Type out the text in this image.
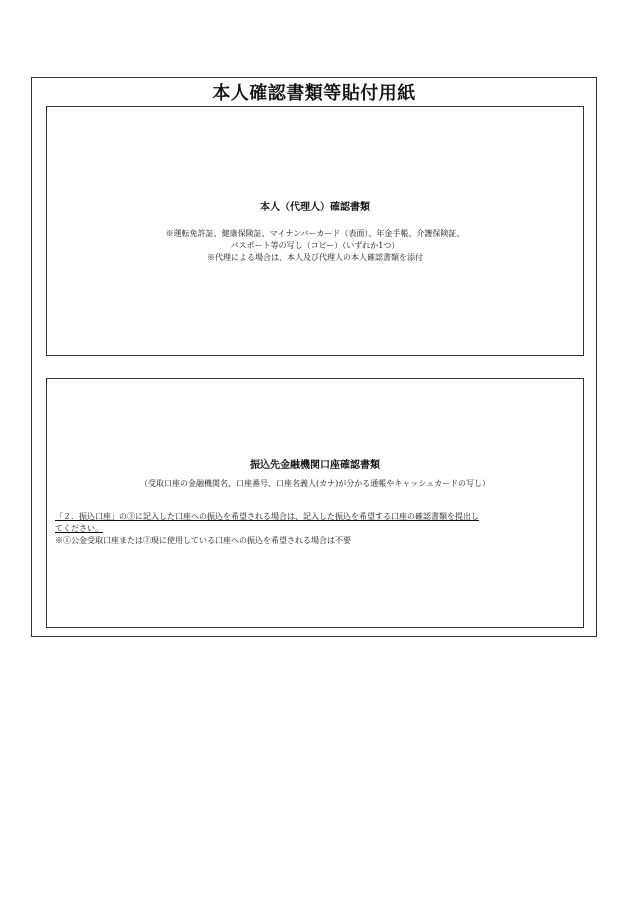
本人確認書類等貼付用紙
本人（代理人）確認書類
※運転免許証、健康保険証、マイナンバーカード（表面）、年金手帳、介護保険証、
パスポート等の写し（コピー）（いずれか1つ）
※代理による場合は、本人及び代理人の本人確認書類を添付
振込先金融機関口座確認書類
（受取口座の金融機関名、口座番号、口座名義人(カナ)が分かる通帳やキャッシュカードの写し）
「２．振込口座」の③に記入した口座への振込を希望される場合は、記入した振込を希望する口座の確認書類を提出し
てください。
※①公金受取口座または②現に使用している口座への振込を希望される場合は不要
